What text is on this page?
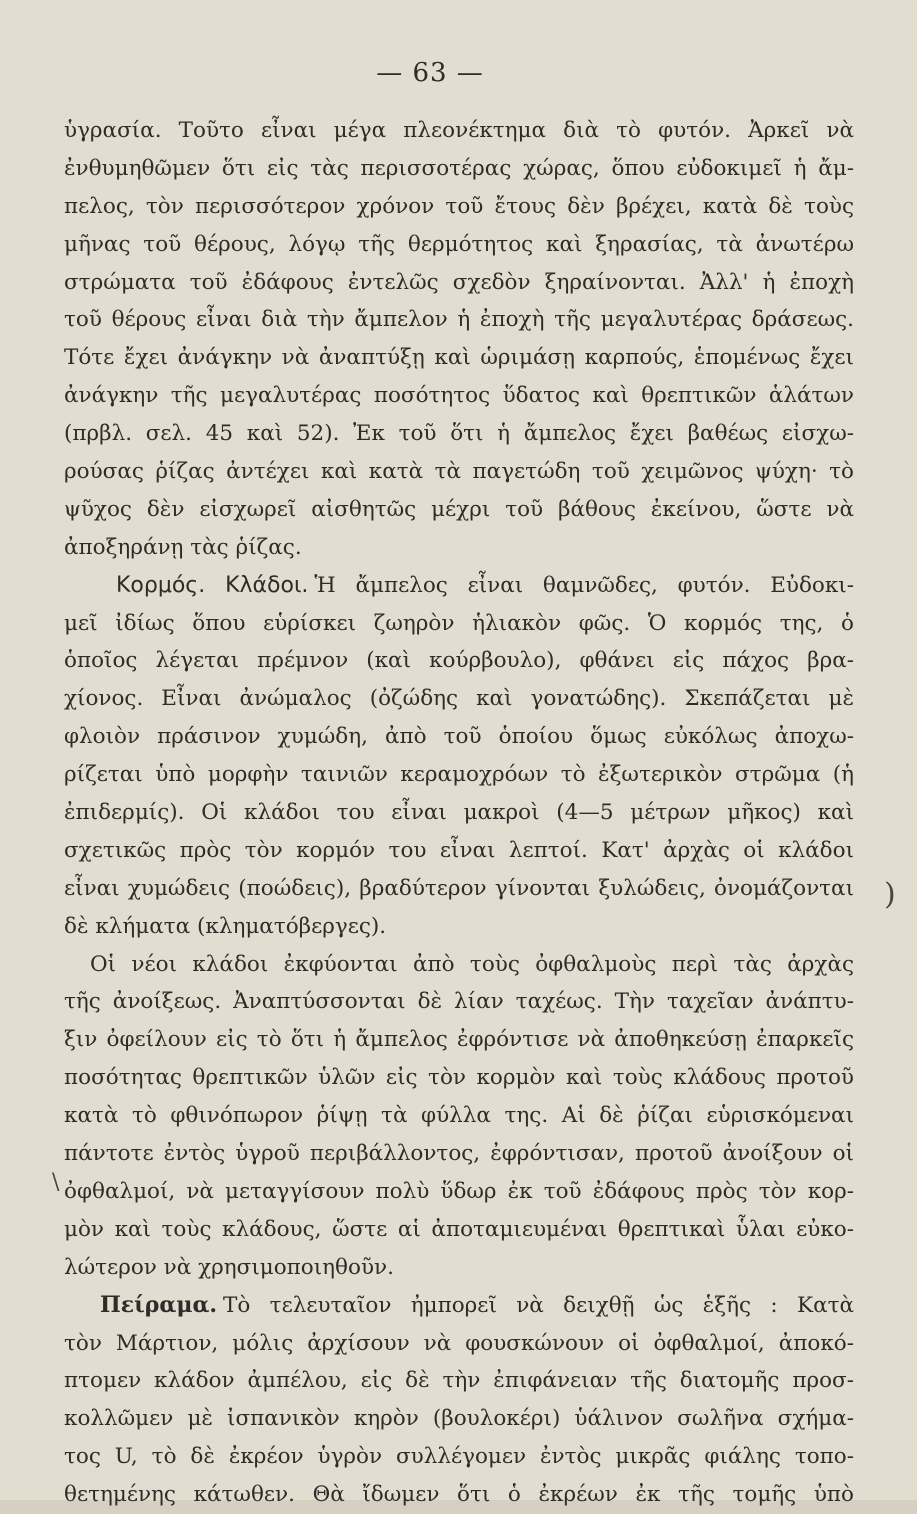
— 63 —
\
)
ὑγρασία. Τοῦτο εἶναι μέγα πλεονέκτημα διὰ τὸ φυτόν. Ἀρκεῖ νὰ
ἐνθυμηθῶμεν ὅτι εἰς τὰς περισσοτέρας χώρας, ὅπου εὐδοκιμεῖ ἡ ἄμ-
πελος, τὸν περισσότερον χρόνον τοῦ ἔτους δὲν βρέχει, κατὰ δὲ τοὺς
μῆνας τοῦ θέρους, λόγῳ τῆς θερμότητος καὶ ξηρασίας, τὰ ἀνωτέρω
στρώματα τοῦ ἐδάφους ἐντελῶς σχεδὸν ξηραίνονται. Ἀλλ' ἡ ἐποχὴ
τοῦ θέρους εἶναι διὰ τὴν ἄμπελον ἡ ἐποχὴ τῆς μεγαλυτέρας δράσεως.
Τότε ἔχει ἀνάγκην νὰ ἀναπτύξῃ καὶ ὡριμάσῃ καρπούς, ἑπομένως ἔχει
ἀνάγκην τῆς μεγαλυτέρας ποσότητος ὕδατος καὶ θρεπτικῶν ἁλάτων
(πρβλ. σελ. 45 καὶ 52). Ἐκ τοῦ ὅτι ἡ ἄμπελος ἔχει βαθέως εἰσχω-
ρούσας ῥίζας ἀντέχει καὶ κατὰ τὰ παγετώδη τοῦ χειμῶνος ψύχη· τὸ
ψῦχος δὲν εἰσχωρεῖ αἰσθητῶς μέχρι τοῦ βάθους ἐκείνου, ὥστε νὰ
ἀποξηράνῃ τὰς ῥίζας.
Κορμός. Κλάδοι. Ἡ ἄμπελος εἶναι θαμνῶδες, φυτόν. Εὐδοκι-
μεῖ ἰδίως ὅπου εὑρίσκει ζωηρὸν ἡλιακὸν φῶς. Ὁ κορμός της, ὁ
ὁποῖος λέγεται πρέμνον (καὶ κούρβουλο), φθάνει εἰς πάχος βρα-
χίονος. Εἶναι ἀνώμαλος (ὀζώδης καὶ γονατώδης). Σκεπάζεται μὲ
φλοιὸν πράσινον χυμώδη, ἀπὸ τοῦ ὁποίου ὅμως εὐκόλως ἀποχω-
ρίζεται ὑπὸ μορφὴν ταινιῶν κεραμοχρόων τὸ ἐξωτερικὸν στρῶμα (ἡ
ἐπιδερμίς). Οἱ κλάδοι του εἶναι μακροὶ (4—5 μέτρων μῆκος) καὶ
σχετικῶς πρὸς τὸν κορμόν του εἶναι λεπτοί. Κατ' ἀρχὰς οἱ κλάδοι
εἶναι χυμώδεις (ποώδεις), βραδύτερον γίνονται ξυλώδεις, ὀνομάζονται
δὲ κλήματα (κληματόβεργες).
Οἱ νέοι κλάδοι ἐκφύονται ἀπὸ τοὺς ὀφθαλμοὺς περὶ τὰς ἀρχὰς
τῆς ἀνοίξεως. Ἀναπτύσσονται δὲ λίαν ταχέως. Τὴν ταχεῖαν ἀνάπτυ-
ξιν ὀφείλουν εἰς τὸ ὅτι ἡ ἄμπελος ἐφρόντισε νὰ ἀποθηκεύσῃ ἐπαρκεῖς
ποσότητας θρεπτικῶν ὑλῶν εἰς τὸν κορμὸν καὶ τοὺς κλάδους προτοῦ
κατὰ τὸ φθινόπωρον ῥίψῃ τὰ φύλλα της. Αἱ δὲ ῥίζαι εὑρισκόμεναι
πάντοτε ἐντὸς ὑγροῦ περιβάλλοντος, ἐφρόντισαν, προτοῦ ἀνοίξουν οἱ
ὀφθαλμοί, νὰ μεταγγίσουν πολὺ ὕδωρ ἐκ τοῦ ἐδάφους πρὸς τὸν κορ-
μὸν καὶ τοὺς κλάδους, ὥστε αἱ ἀποταμιευμέναι θρεπτικαὶ ὗλαι εὐκο-
λώτερον νὰ χρησιμοποιηθοῦν.
Πείραμα. Τὸ τελευταῖον ἠμπορεῖ νὰ δειχθῇ ὡς ἑξῆς : Κατὰ
τὸν Μάρτιον, μόλις ἀρχίσουν νὰ φουσκώνουν οἱ ὀφθαλμοί, ἀποκό-
πτομεν κλάδον ἀμπέλου, εἰς δὲ τὴν ἐπιφάνειαν τῆς διατομῆς προσ-
κολλῶμεν μὲ ἰσπανικὸν κηρὸν (βουλοκέρι) ὑάλινον σωλῆνα σχήμα-
τος U, τὸ δὲ ἐκρέον ὑγρὸν συλλέγομεν ἐντὸς μικρᾶς φιάλης τοπο-
θετημένης κάτωθεν. Θὰ ἴδωμεν ὅτι ὁ ἐκρέων ἐκ τῆς τομῆς ὑπὸ
